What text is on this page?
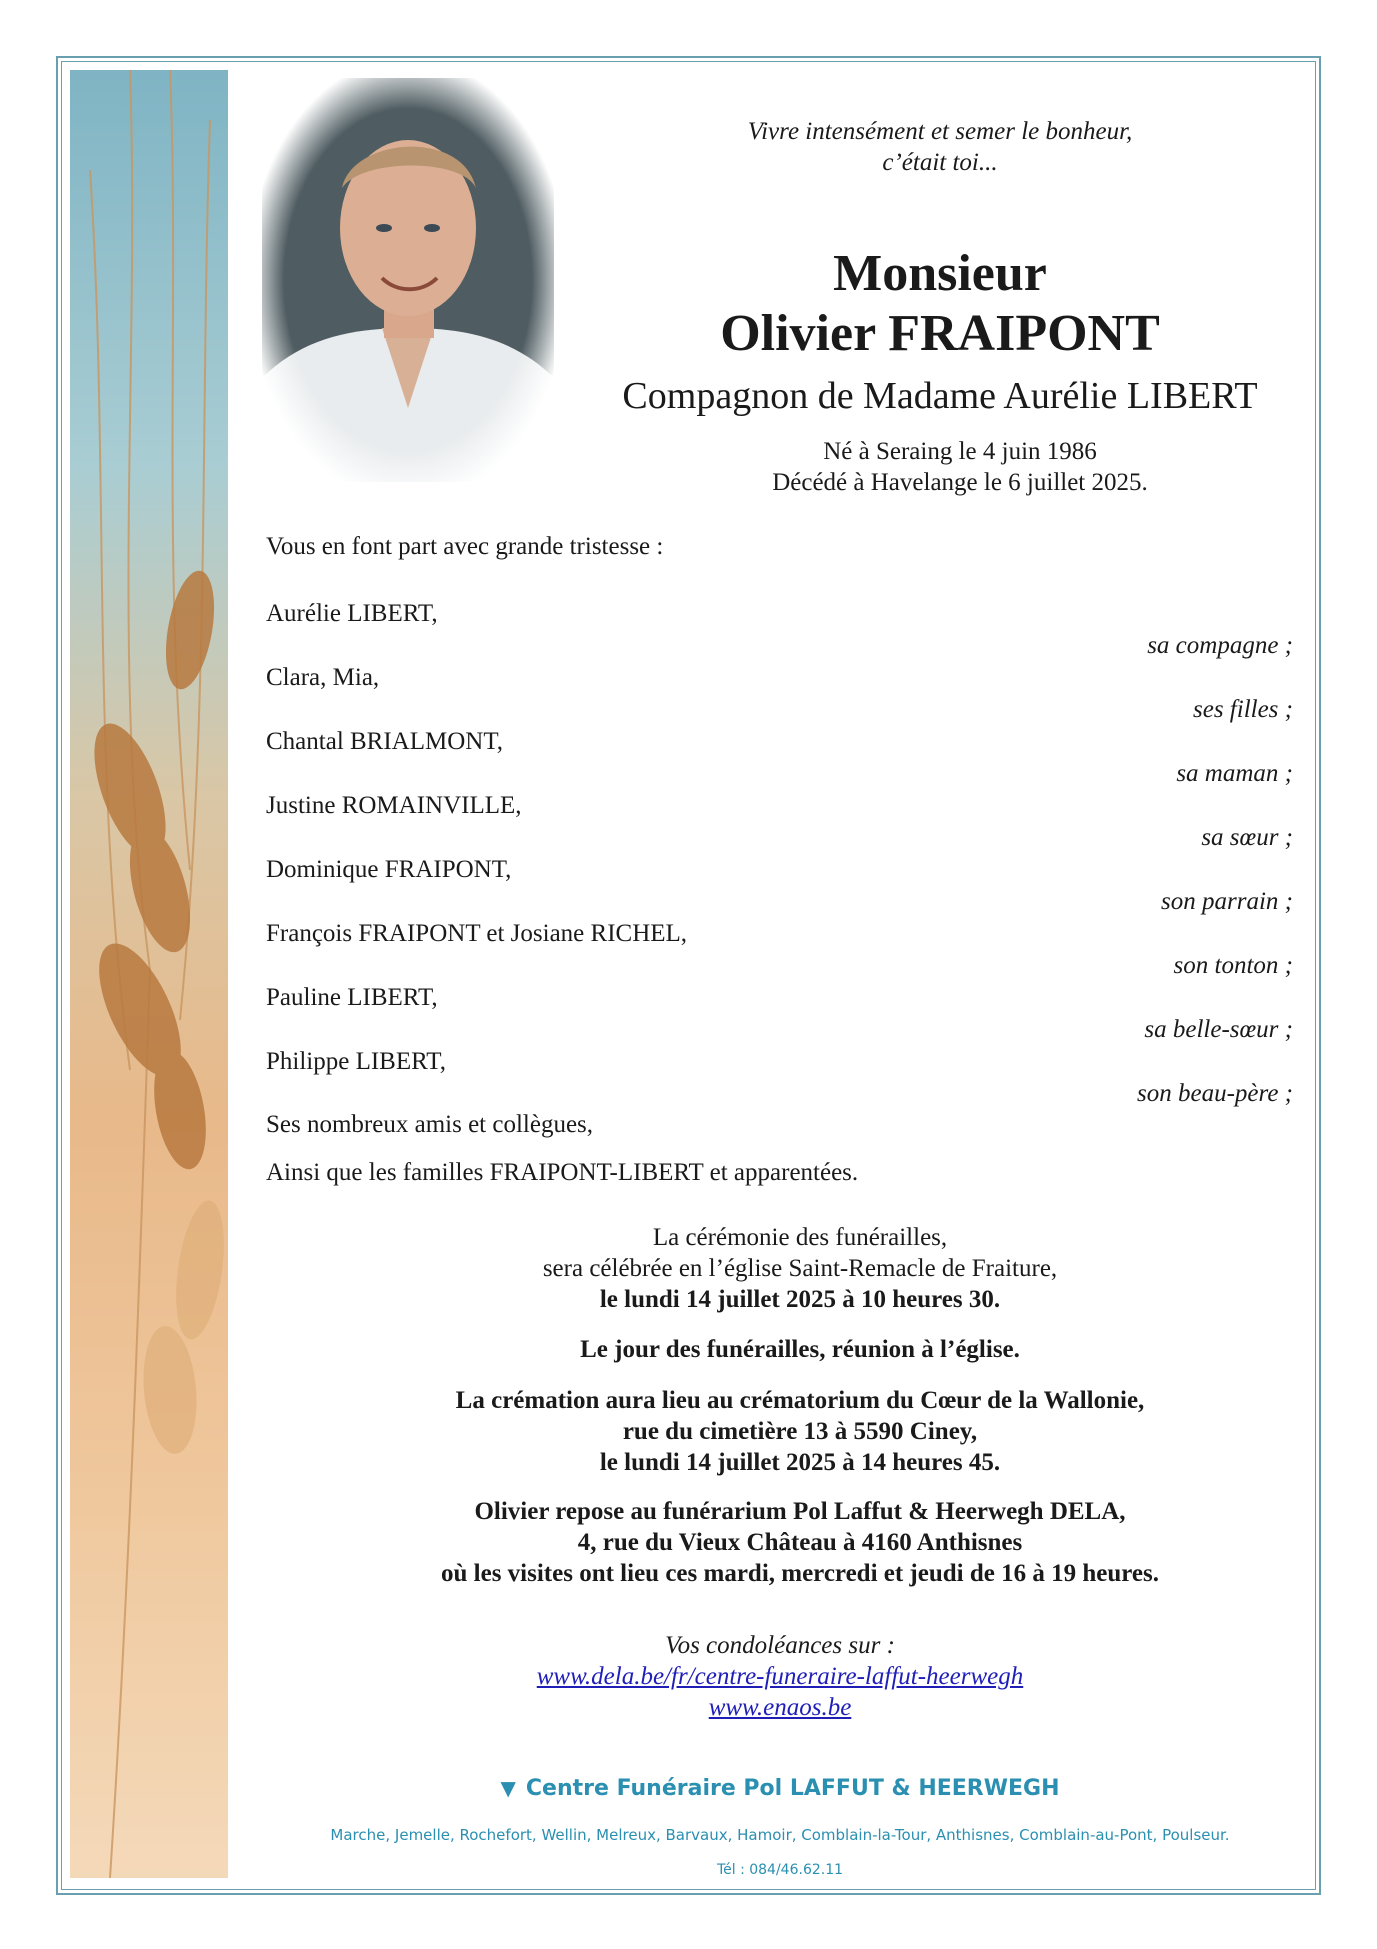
Vivre intensément et semer le bonheur,
c’était toi...
Monsieur
Olivier FRAIPONT
Compagnon de Madame Aurélie LIBERT
Né à Seraing le 4 juin 1986
Décédé à Havelange le 6 juillet 2025.
Vous en font part avec grande tristesse :
Aurélie LIBERT,
sa compagne ;
Clara, Mia,
ses filles ;
Chantal BRIALMONT,
sa maman ;
Justine ROMAINVILLE,
sa sœur ;
Dominique FRAIPONT,
son parrain ;
François FRAIPONT et Josiane RICHEL,
son tonton ;
Pauline LIBERT,
sa belle-sœur ;
Philippe LIBERT,
son beau-père ;
Ses nombreux amis et collègues,
Ainsi que les familles FRAIPONT-LIBERT et apparentées.
La cérémonie des funérailles,
sera célébrée en l’église Saint-Remacle de Fraiture,
le lundi 14 juillet 2025 à 10 heures 30.
Le jour des funérailles, réunion à l’église.
La crémation aura lieu au crématorium du Cœur de la Wallonie,
rue du cimetière 13 à 5590 Ciney,
le lundi 14 juillet 2025 à 14 heures 45.
Olivier repose au funérarium Pol Laffut & Heerwegh DELA,
4, rue du Vieux Château à 4160 Anthisnes
où les visites ont lieu ces mardi, mercredi et jeudi de 16 à 19 heures.
Vos condoléances sur :
www.dela.be/fr/centre-funeraire-laffut-heerwegh
www.enaos.be
▼ Centre Funéraire Pol LAFFUT & HEERWEGH
Marche, Jemelle, Rochefort, Wellin, Melreux, Barvaux, Hamoir, Comblain-la-Tour, Anthisnes, Comblain-au-Pont, Poulseur.
Tél : 084/46.62.11
